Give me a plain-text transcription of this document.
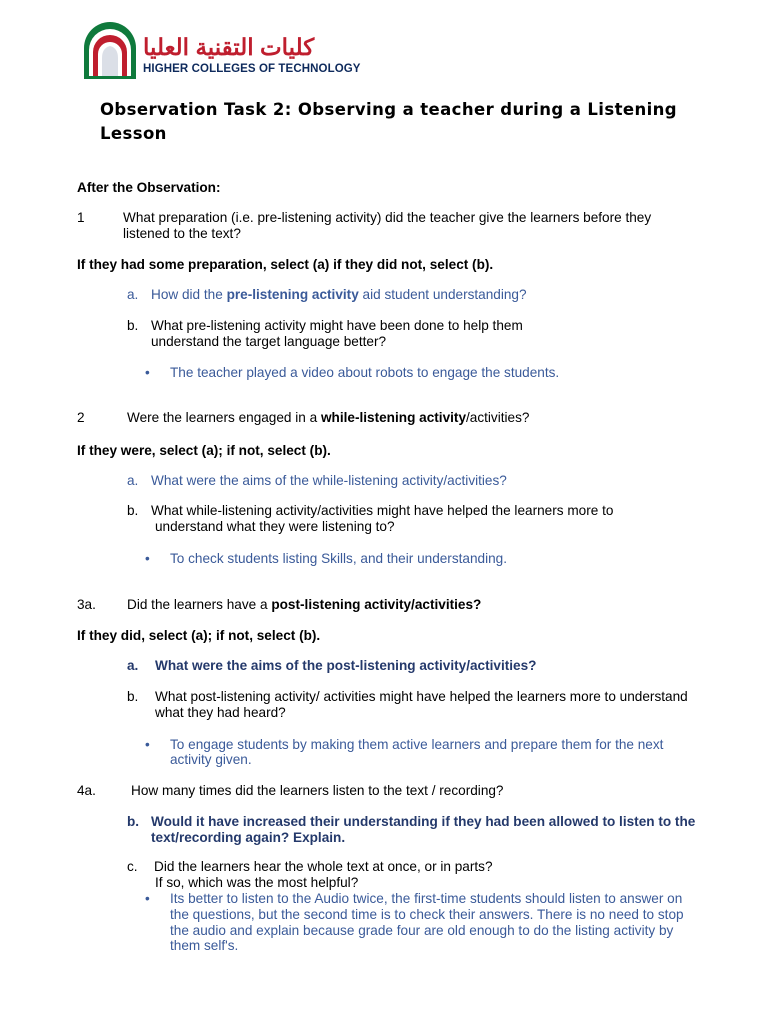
كليات التقنية العليا
HIGHER COLLEGES OF TECHNOLOGY
Observation Task 2: Observing a teacher during a Listening Lesson
After the Observation:
1	What preparation (i.e. pre-listening activity) did the teacher give the learners before they
listened to the text?
If they had some preparation, select (a) if they did not, select (b).
a. How did the pre-listening activity aid student understanding?
b. What pre-listening activity might have been done to help them
understand the target language better?
• The teacher played a video about robots to engage the students.
2	Were the learners engaged in a while-listening activity/activities?
If they were, select (a); if not, select (b).
a. What were the aims of the while-listening activity/activities?
b. What while-listening activity/activities might have helped the learners more to
understand what they were listening to?
• To check students listing Skills, and their understanding.
3a. Did the learners have a post-listening activity/activities?
If they did, select (a); if not, select (b).
a. What were the aims of the post-listening activity/activities?
b. What post-listening activity/ activities might have helped the learners more to understand
what they had heard?
• To engage students by making them active learners and prepare them for the next
activity given.
4a.	How many times did the learners listen to the text / recording?
b. Would it have increased their understanding if they had been allowed to listen to the
text/recording again? Explain.
c. Did the learners hear the whole text at once, or in parts?
If so, which was the most helpful?
• Its better to listen to the Audio twice, the first-time students should listen to answer on
the questions, but the second time is to check their answers. There is no need to stop
the audio and explain because grade four are old enough to do the listing activity by
them self's.
